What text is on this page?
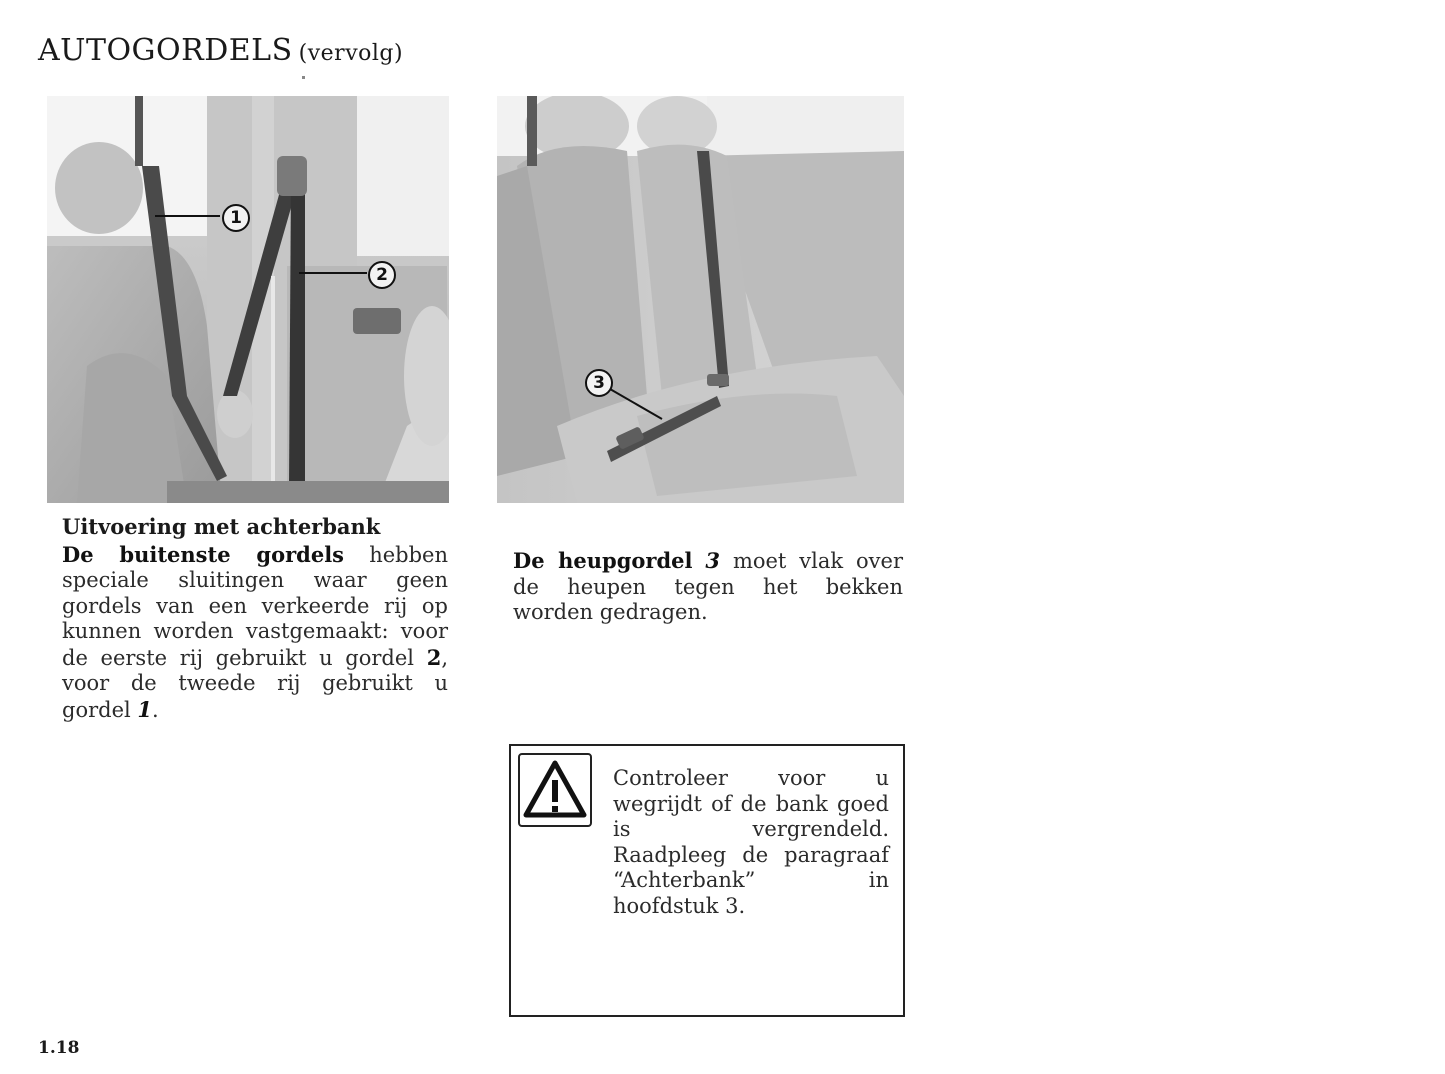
AUTOGORDELS (vervolg)
1
2
3
Uitvoering met achterbank

De buitenste gordels hebben speciale sluitingen waar geen gordels van een verkeerde rij op kunnen worden vastgemaakt: voor de eerste rij gebruikt u gordel 2, voor de tweede rij gebruikt u gordel 1.

De heupgordel 3 moet vlak over de heupen tegen het bekken worden gedragen.

Controleer voor u wegrijdt of de bank goed is vergrendeld. Raadpleeg de paragraaf “Achterbank” in hoofdstuk 3.

1.18
